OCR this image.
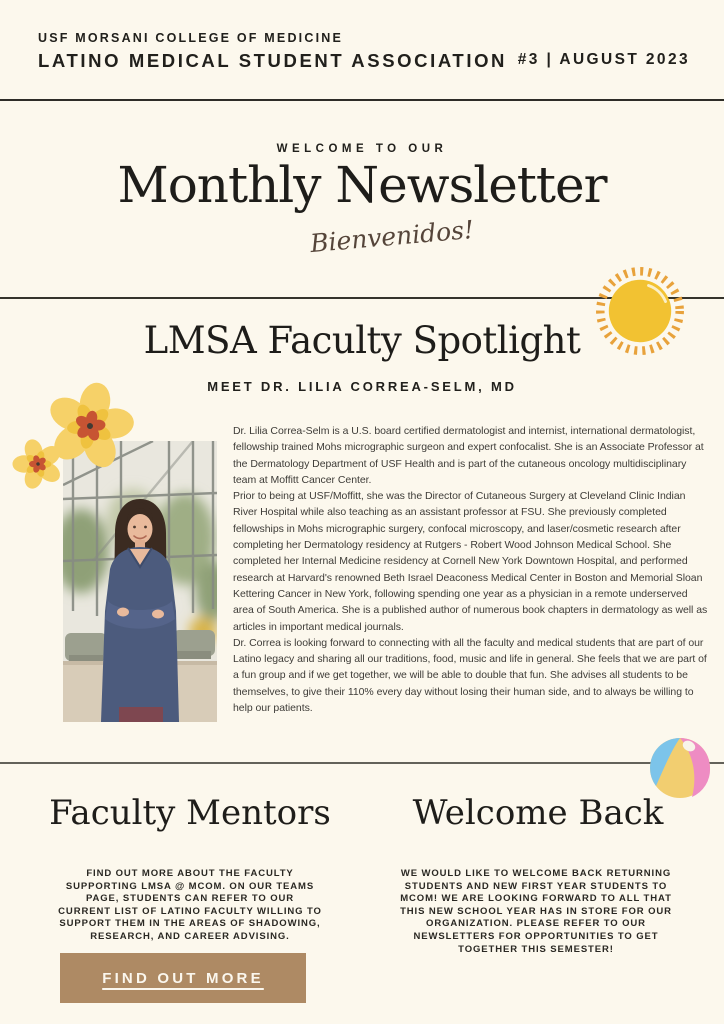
USF MORSANI COLLEGE OF MEDICINE
LATINO MEDICAL STUDENT ASSOCIATION #3 | AUGUST 2023
WELCOME TO OUR
Monthly Newsletter
Bienvenidos!
LMSA Faculty Spotlight
MEET DR. LILIA CORREA-SELM, MD

Dr. Lilia Correa-Selm is a U.S. board certified dermatologist and internist, international dermatologist, fellowship trained Mohs micrographic surgeon and expert confocalist. She is an Associate Professor at the Dermatology Department of USF Health and is part of the cutaneous oncology multidisciplinary team at Moffitt Cancer Center.

Prior to being at USF/Moffitt, she was the Director of Cutaneous Surgery at Cleveland Clinic Indian River Hospital while also teaching as an assistant professor at FSU. She previously completed fellowships in Mohs micrographic surgery, confocal microscopy, and laser/cosmetic research after completing her Dermatology residency at Rutgers - Robert Wood Johnson Medical School. She completed her Internal Medicine residency at Cornell New York Downtown Hospital, and performed research at Harvard's renowned Beth Israel Deaconess Medical Center in Boston and Memorial Sloan Kettering Cancer in New York, following spending one year as a physician in a remote underserved area of South America. She is a published author of numerous book chapters in dermatology as well as articles in important medical journals.

Dr. Correa is looking forward to connecting with all the faculty and medical students that are part of our Latino legacy and sharing all our traditions, food, music and life in general. She feels that we are part of a fun group and if we get together, we will be able to double that fun. She advises all students to be themselves, to give their 110% every day without losing their human side, and to always be willing to help our patients.

Faculty Mentors
FIND OUT MORE ABOUT THE FACULTY SUPPORTING LMSA @ MCOM. ON OUR TEAMS PAGE, STUDENTS CAN REFER TO OUR CURRENT LIST OF LATINO FACULTY WILLING TO SUPPORT THEM IN THE AREAS OF SHADOWING, RESEARCH, AND CAREER ADVISING.
FIND OUT MORE
Welcome Back
WE WOULD LIKE TO WELCOME BACK RETURNING STUDENTS AND NEW FIRST YEAR STUDENTS TO MCOM! WE ARE LOOKING FORWARD TO ALL THAT THIS NEW SCHOOL YEAR HAS IN STORE FOR OUR ORGANIZATION. PLEASE REFER TO OUR NEWSLETTERS FOR OPPORTUNITIES TO GET TOGETHER THIS SEMESTER!
